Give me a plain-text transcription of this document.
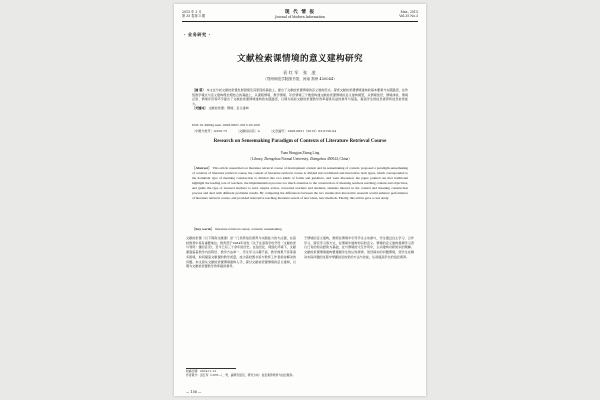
2015 年 3 月
第 35 卷第 3 期
现 代 情 报
Journal of Modern Information
Mar., 2015
Vol.35 No.3
· 业务研究 ·
文献检索课情境的意义建构研究
袁红军 张 凌
（郑州师范学院图书馆，河南 郑州 450044）
〔摘 要〕 本文在分析文献检索课发展困境及其原因的基础上，提出了文献检索课情境的意义建构范式。探索文献检索课情境建构的基本要素与实践路径，在传统教学模式与意义建构理论相结合的基础上，从课程情境、教学情境、评价情境三个维度构建文献检索课情境的意义建构模型，从情境创设、情境体验、情境反思、情境评价等环节提出了文献检索课情境建构的实践路径，以期为高校文献检索课教学改革提供有益的参考与借鉴，提高学生的信息素养和信息检索能力。
〔关键词〕 文献检索课；情境；意义建构
DOI:10.3969/j.issn.1008-0821.2015.03.030
〔中图分类号〕G250.73	〔文献标识码〕A	〔文章编号〕1008-0821（2015）03-0156-04
Research on Sensemaking Paradigm of Contexts of Literature Retrieval Course
Yuan Hongjun Zhang Ling
（Library, Zhengzhou Normal University, Zhengzhou 450044, China）
〔Abstract〕 This article researched on literature retrieval course of development context and its sensemaking of context, proposed a paradigm sensemaking of contexts of literature retrieval course, the context of literature retrieval course is divided into traditional and innovative both types, which corresponded to the dominant type of meaning construction is divided into two kinds of forms and guidance, and went discussed, the paper pointed out that traditional highlight the leading role of teachers, the implementation process too much attention to the construction of meaning teachers teaching content and objectives, and guide the type of stressed teachers to lead, inspire action, concerted teachers and students, students interact in the context and meaning construction process and deal with different problems results. By comparing the differences between the two studies that innovative research would enhance performance of literature retrieval course, and provided innovative teaching literature search of new ideas, new methods. Finally, this article gave a case study.
〔Key words〕 literature retrieval course; contexts; sensemaking
文献检索课（以下简称文献课）是一门培养信息素养与实践能力的方法课，在高校教育中具有重要地位。教育部于1984年颁发《关于在高等学校开设〈文献检索与利用〉课的意见》，至今已有三十余年的历史。在信息化、网络化环境下，文献课面临着教学内容陈旧、教学方法单一、学生学习兴趣不高、教学效果不佳等诸多困境，如何提高文献课的教学质量，成为高校图书馆与教育工作者亟待解决的问题。本文拟从文献检索课情境建构入手，探讨文献检索课情境的意义建构，以期为文献检索课教学改革提供参考。
于情境的意义建构，教师在情境中引导学生主动参与，学生通过自主学习、合作学习、探究学习等方式，在情境中建构知识的意义。情境的意义建构强调学习者以已有的知识经验为基础，在与情境的交互作用中，主动建构对新知识的理解。文献检索课情境建构要遵循学生的认知规律，创设真实的问题情境，使学生在解决实际问题的过程中掌握信息检索的方法与技能，从而提高学生的信息素养。
收稿日期：2014-11-12
作者简介：袁红军（1970—），男，副研究馆员，研究方向：信息素养教育与信息服务。
— 156 —
